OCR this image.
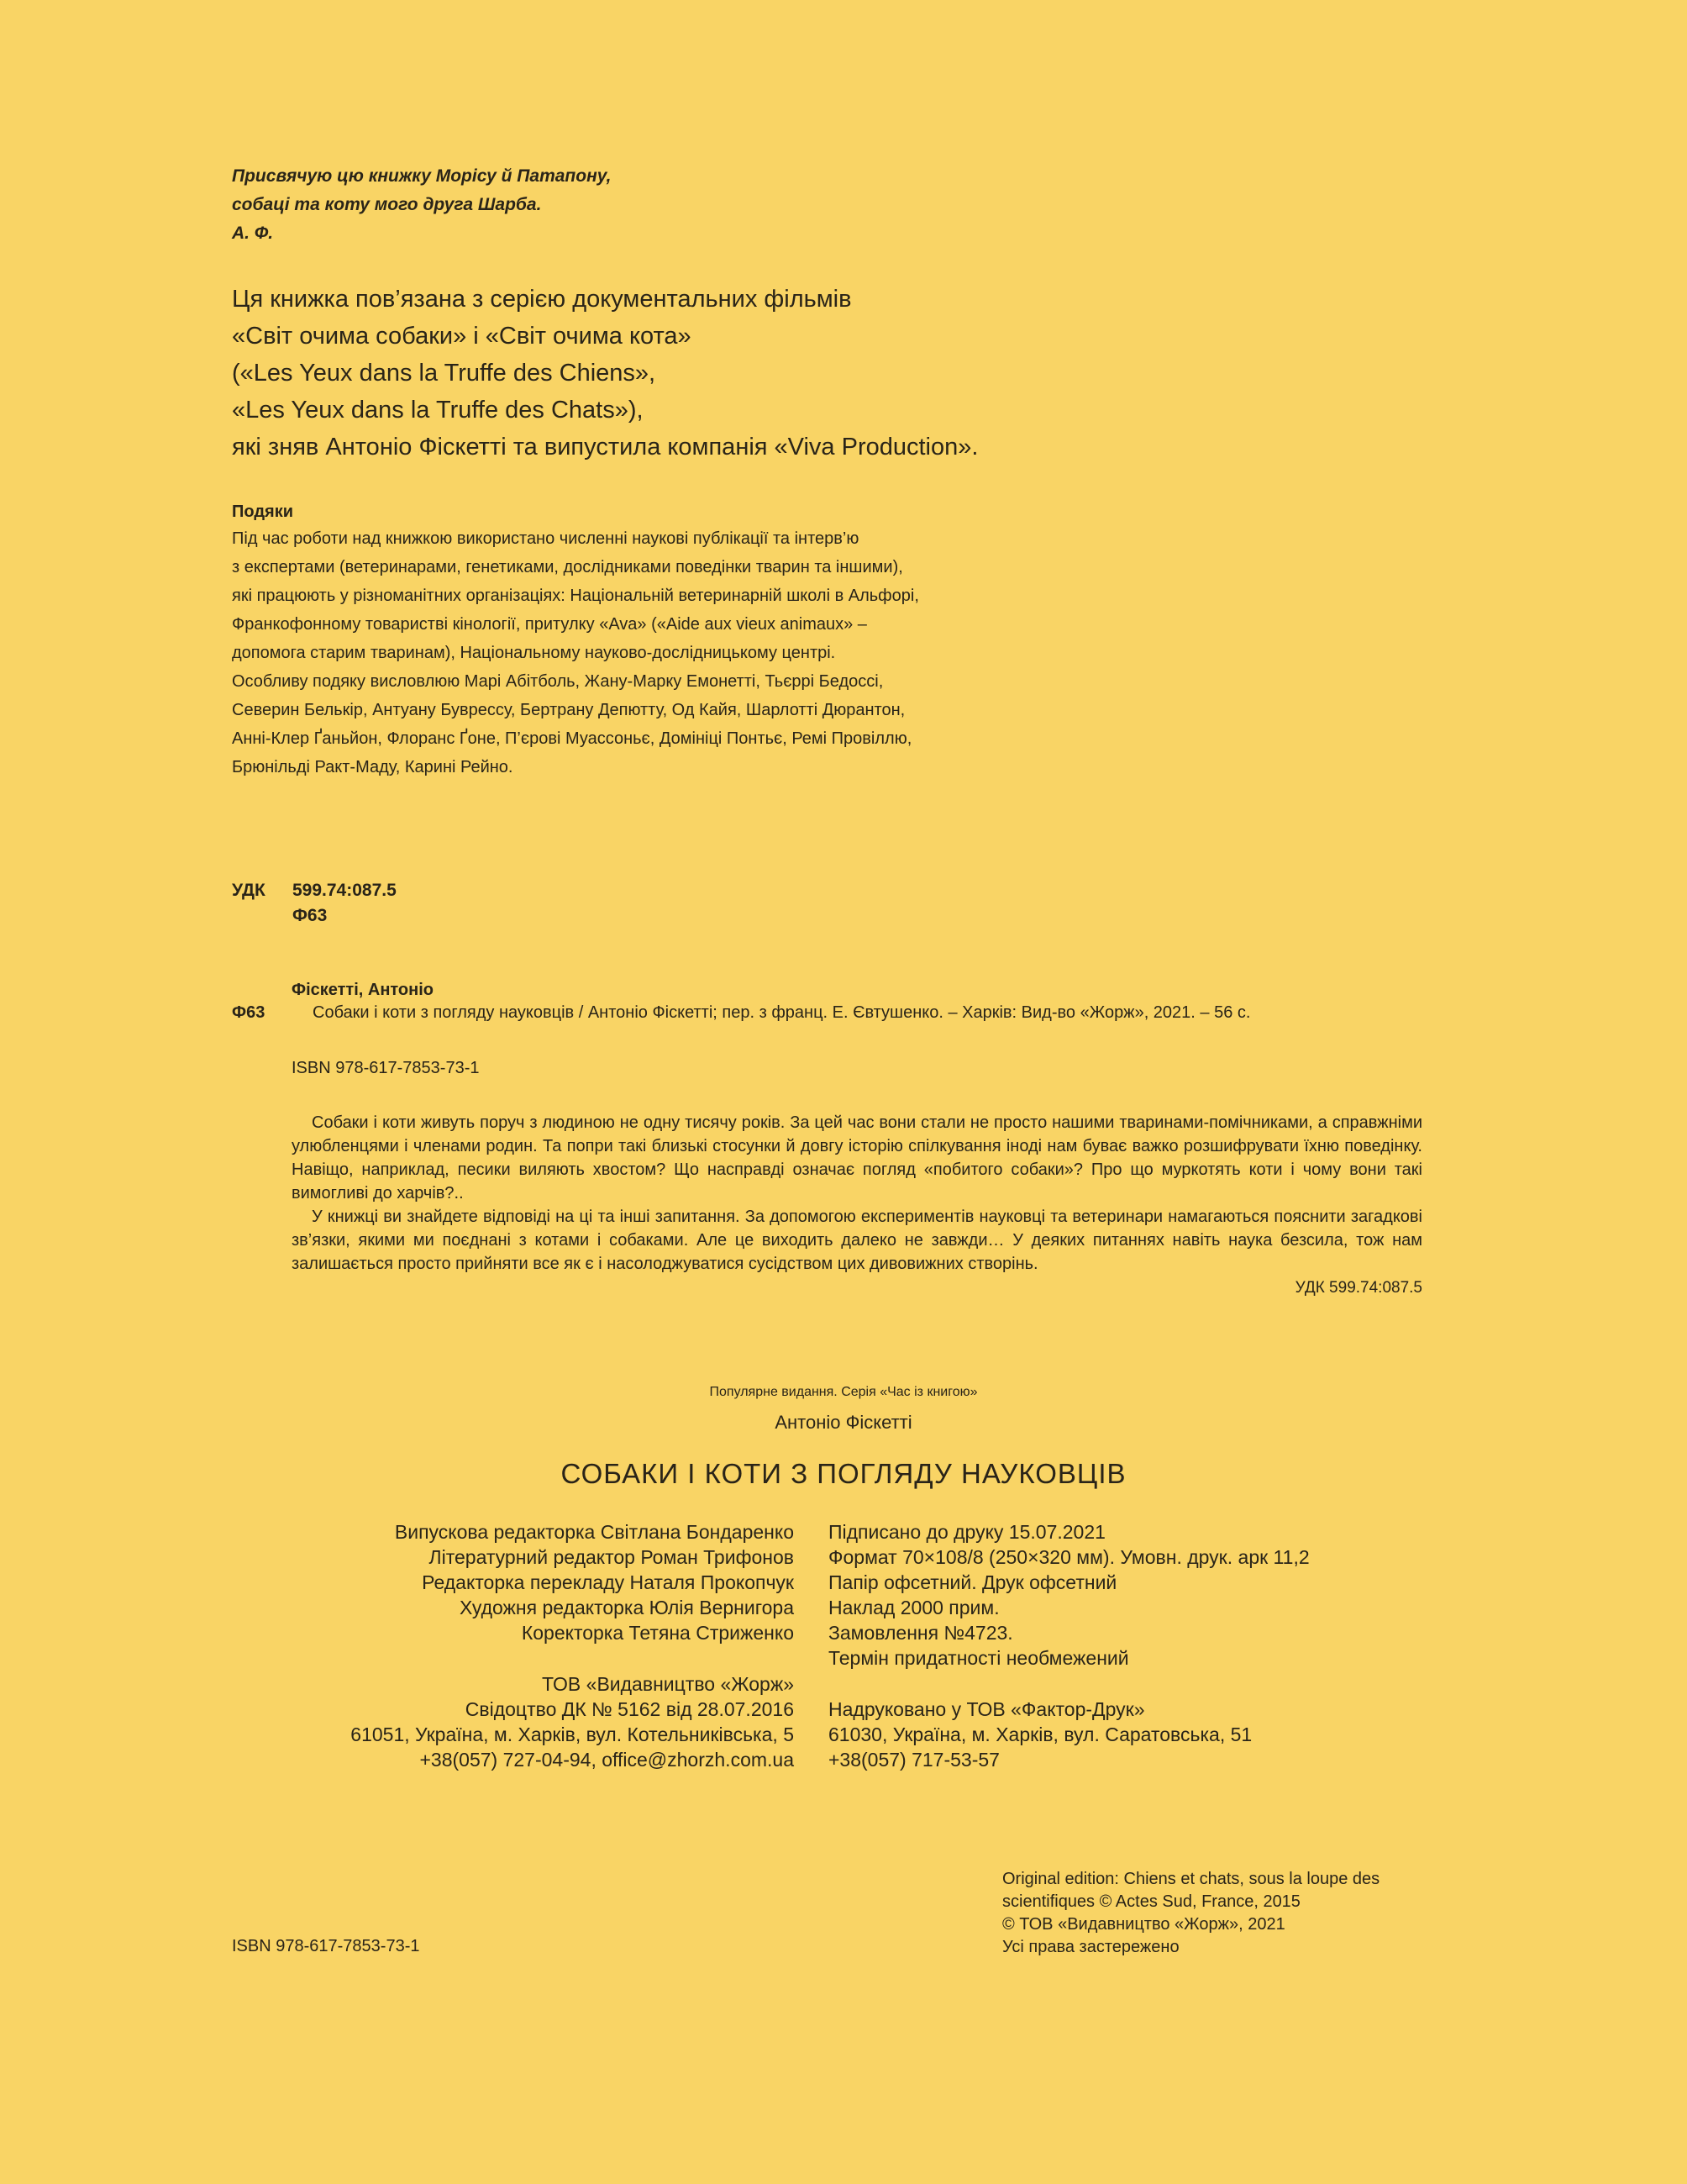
Присвячую цю книжку Морісу й Патапону,
собаці та коту мого друга Шарба.
А. Ф.
Ця книжка пов’язана з серією документальних фільмів
«Світ очима собаки» і «Світ очима кота»
(«Les Yeux dans la Truffe des Chiens»,
«Les Yeux dans la Truffe des Chats»),
які зняв Антоніо Фіскетті та випустила компанія «Viva Production».
Подяки
Під час роботи над книжкою використано численні наукові публікації та інтерв’ю
з експертами (ветеринарами, генетиками, дослідниками поведінки тварин та іншими),
які працюють у різноманітних організаціях: Національній ветеринарній школі в Альфорі,
Франкофонному товаристві кінології, притулку «Ava» («Aide aux vieux animaux» –
допомога старим тваринам), Національному науково-дослідницькому центрі.
Особливу подяку висловлюю Марі Абітболь, Жану-Марку Емонетті, Тьєррі Бедоссі,
Северин Белькір, Антуану Буврессу, Бертрану Депютту, Од Кайя, Шарлотті Дюрантон,
Анні-Клер Ґаньйон, Флоранс Ґоне, П’єрові Муассоньє, Домініці Понтьє, Ремі Провіллю,
Брюнільді Ракт-Маду, Карині Рейно.
УДК 599.74:087.5
Ф63
Фіскетті, Антоніо
Ф63	Собаки і коти з погляду науковців / Антоніо Фіскетті; пер. з франц. Е. Євтушенко. – Харків: Вид-во «Жорж», 2021. – 56 с.
ISBN 978-617-7853-73-1

Собаки і коти живуть поруч з людиною не одну тисячу років. За цей час вони стали не просто нашими тваринами-помічниками, а справжніми улюбленцями і членами родин. Та попри такі близькі стосунки й довгу історію спілкування іноді нам буває важко розшифрувати їхню поведінку. Навіщо, наприклад, песики виляють хвостом? Що насправді означає погляд «побитого собаки»? Про що муркотять коти і чому вони такі вимогливі до харчів?..

У книжці ви знайдете відповіді на ці та інші запитання. За допомогою експериментів науковці та ветеринари намагаються пояснити загадкові зв’язки, якими ми поєднані з котами і собаками. Але це виходить далеко не завжди… У деяких питаннях навіть наука безсила, тож нам залишається просто прийняти все як є і насолоджуватися сусідством цих дивовижних створінь.

УДК 599.74:087.5
Популярне видання. Серія «Час із книгою»
Антоніо Фіскетті
СОБАКИ І КОТИ З ПОГЛЯДУ НАУКОВЦІВ
Випускова редакторка Світлана Бондаренко
Літературний редактор Роман Трифонов
Редакторка перекладу Наталя Прокопчук
Художня редакторка Юлія Вернигора
Коректорка Тетяна Стриженко
ТОВ «Видавництво «Жорж»
Свідоцтво ДК № 5162 від 28.07.2016
61051, Україна, м. Харків, вул. Котельниківська, 5
+38(057) 727-04-94, office@zhorzh.com.ua
Підписано до друку 15.07.2021
Формат 70×108/8 (250×320 мм). Умовн. друк. арк 11,2
Папір офсетний. Друк офсетний
Наклад 2000 прим.
Замовлення №4723.
Термін придатності необмежений
Надруковано у ТОВ «Фактор-Друк»
61030, Україна, м. Харків, вул. Саратовська, 51
+38(057) 717-53-57
ISBN 978-617-7853-73-1
Original edition: Chiens et chats, sous la loupe des
scientifiques © Actes Sud, France, 2015
© ТОВ «Видавництво «Жорж», 2021
Усі права застережено
